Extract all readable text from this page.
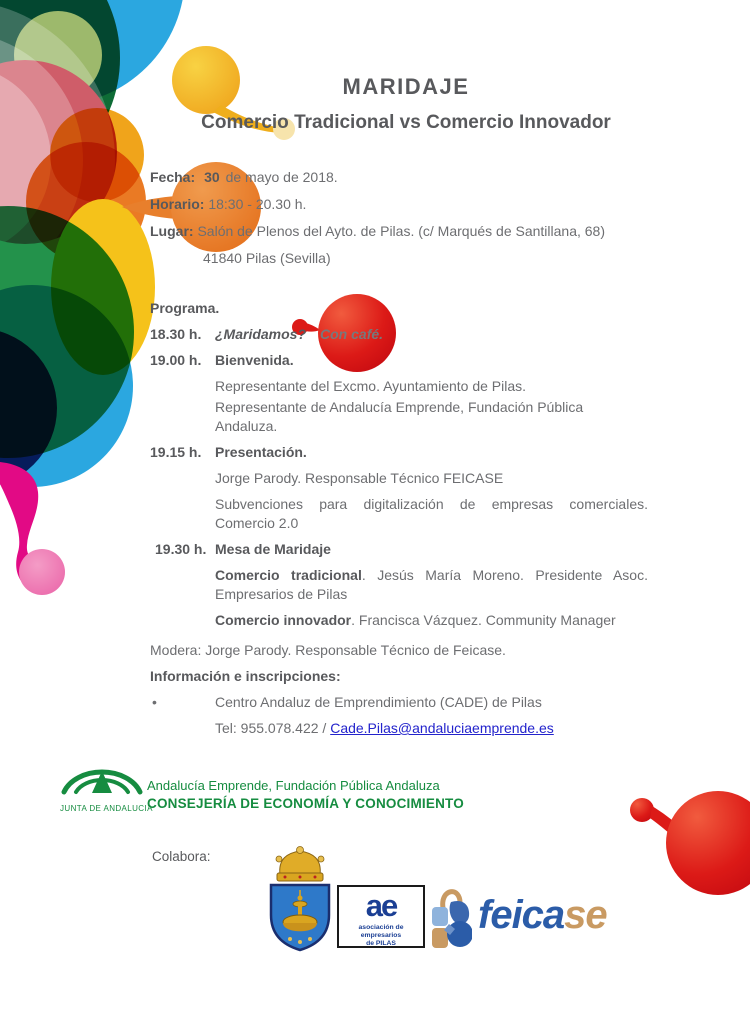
MARIDAJE
Comercio Tradicional vs Comercio Innovador
Fecha: 30 de mayo de 2018.
Horario: 18:30 - 20.30 h.
Lugar: Salón de Plenos del Ayto. de Pilas. (c/ Marqués de Santillana, 68)
41840 Pilas (Sevilla)
Programa.
18.30 h. ¿Maridamos? Con café.
19.00 h. Bienvenida.
Representante del Excmo. Ayuntamiento de Pilas.
Representante de Andalucía Emprende, Fundación Pública Andaluza.
19.15 h. Presentación.
Jorge Parody. Responsable Técnico FEICASE
Subvenciones para digitalización de empresas comerciales.
Comercio 2.0
19.30 h. Mesa de Maridaje
Comercio tradicional. Jesús María Moreno. Presidente Asoc.
Empresarios de Pilas
Comercio innovador. Francisca Vázquez. Community Manager
Modera: Jorge Parody. Responsable Técnico de Feicase.
Información e inscripciones:
•	Centro Andaluz de Emprendimiento (CADE) de Pilas
Tel: 955.078.422 / Cade.Pilas@andaluciaemprende.es
JUNTA DE ANDALUCIA
Andalucía Emprende, Fundación Pública Andaluza
CONSEJERÍA DE ECONOMÍA Y CONOCIMIENTO
Colabora:
ae
asociación de empresarios
de PILAS
feicase
